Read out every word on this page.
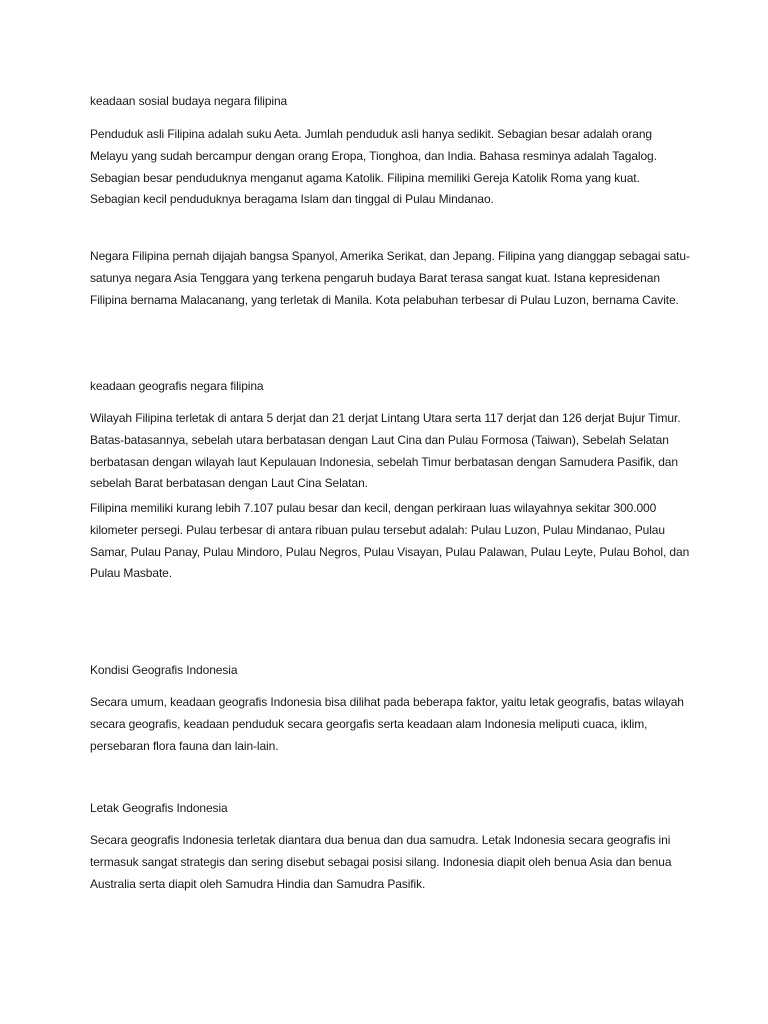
keadaan sosial budaya negara filipina

Penduduk asli Filipina adalah suku Aeta. Jumlah penduduk asli hanya sedikit. Sebagian besar adalah orang Melayu yang sudah bercampur dengan orang Eropa, Tionghoa, dan India. Bahasa resminya adalah Tagalog. Sebagian besar penduduknya menganut agama Katolik. Filipina memiliki Gereja Katolik Roma yang kuat. Sebagian kecil penduduknya beragama Islam dan tinggal di Pulau Mindanao.

Negara Filipina pernah dijajah bangsa Spanyol, Amerika Serikat, dan Jepang. Filipina yang dianggap sebagai satu-satunya negara Asia Tenggara yang terkena pengaruh budaya Barat terasa sangat kuat. Istana kepresidenan Filipina bernama Malacanang, yang terletak di Manila. Kota pelabuhan terbesar di Pulau Luzon, bernama Cavite.

keadaan geografis negara filipina

Wilayah Filipina terletak di antara 5 derjat dan 21 derjat Lintang Utara serta 117 derjat dan 126 derjat Bujur Timur. Batas-batasannya, sebelah utara berbatasan dengan Laut Cina dan Pulau Formosa (Taiwan), Sebelah Selatan berbatasan dengan wilayah laut Kepulauan Indonesia, sebelah Timur berbatasan dengan Samudera Pasifik, dan sebelah Barat berbatasan dengan Laut Cina Selatan.

Filipina memiliki kurang lebih 7.107 pulau besar dan kecil, dengan perkiraan luas wilayahnya sekitar 300.000 kilometer persegi. Pulau terbesar di antara ribuan pulau tersebut adalah: Pulau Luzon, Pulau Mindanao, Pulau Samar, Pulau Panay, Pulau Mindoro, Pulau Negros, Pulau Visayan, Pulau Palawan, Pulau Leyte, Pulau Bohol, dan Pulau Masbate.

Kondisi Geografis Indonesia

Secara umum, keadaan geografis Indonesia bisa dilihat pada beberapa faktor, yaitu letak geografis, batas wilayah secara geografis, keadaan penduduk secara georgafis serta keadaan alam Indonesia meliputi cuaca, iklim, persebaran flora fauna dan lain-lain.

Letak Geografis Indonesia

Secara geografis Indonesia terletak diantara dua benua dan dua samudra. Letak Indonesia secara geografis ini termasuk sangat strategis dan sering disebut sebagai posisi silang. Indonesia diapit oleh benua Asia dan benua Australia serta diapit oleh Samudra Hindia dan Samudra Pasifik.
